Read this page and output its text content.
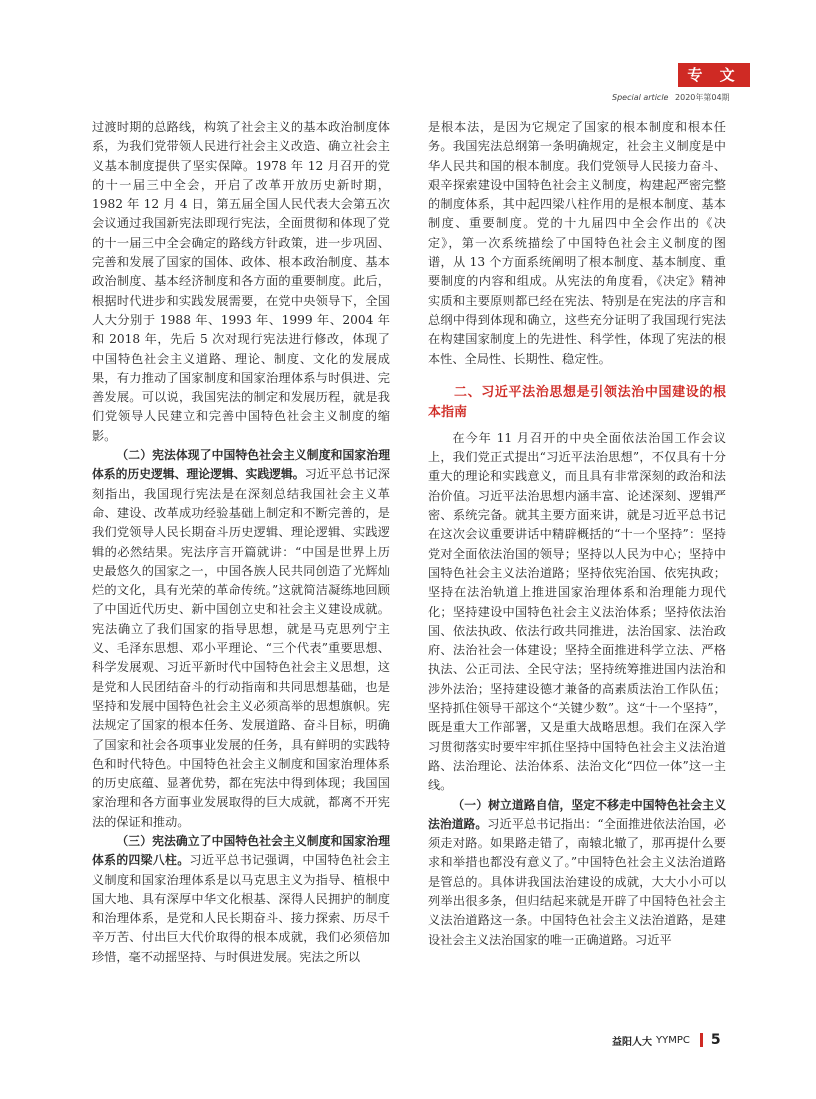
专 文
Special article 2020年第04期

过渡时期的总路线，构筑了社会主义的基本政治制度体系，为我们党带领人民进行社会主义改造、确立社会主义基本制度提供了坚实保障。1978 年 12 月召开的党的十一届三中全会，开启了改革开放历史新时期，1982 年 12 月 4 日，第五届全国人民代表大会第五次会议通过我国新宪法即现行宪法，全面贯彻和体现了党的十一届三中全会确定的路线方针政策，进一步巩固、完善和发展了国家的国体、政体、根本政治制度、基本政治制度、基本经济制度和各方面的重要制度。此后，根据时代进步和实践发展需要，在党中央领导下，全国人大分别于 1988 年、1993 年、1999 年、2004 年和 2018 年，先后 5 次对现行宪法进行修改，体现了中国特色社会主义道路、理论、制度、文化的发展成果，有力推动了国家制度和国家治理体系与时俱进、完善发展。可以说，我国宪法的制定和发展历程，就是我们党领导人民建立和完善中国特色社会主义制度的缩影。

（二）宪法体现了中国特色社会主义制度和国家治理体系的历史逻辑、理论逻辑、实践逻辑。习近平总书记深刻指出，我国现行宪法是在深刻总结我国社会主义革命、建设、改革成功经验基础上制定和不断完善的，是我们党领导人民长期奋斗历史逻辑、理论逻辑、实践逻辑的必然结果。宪法序言开篇就讲：“中国是世界上历史最悠久的国家之一，中国各族人民共同创造了光辉灿烂的文化，具有光荣的革命传统。”这就简洁凝练地回顾了中国近代历史、新中国创立史和社会主义建设成就。宪法确立了我们国家的指导思想，就是马克思列宁主义、毛泽东思想、邓小平理论、“三个代表”重要思想、科学发展观、习近平新时代中国特色社会主义思想，这是党和人民团结奋斗的行动指南和共同思想基础，也是坚持和发展中国特色社会主义必须高举的思想旗帜。宪法规定了国家的根本任务、发展道路、奋斗目标，明确了国家和社会各项事业发展的任务，具有鲜明的实践特色和时代特色。中国特色社会主义制度和国家治理体系的历史底蕴、显著优势，都在宪法中得到体现；我国国家治理和各方面事业发展取得的巨大成就，都离不开宪法的保证和推动。

（三）宪法确立了中国特色社会主义制度和国家治理体系的四梁八柱。习近平总书记强调，中国特色社会主义制度和国家治理体系是以马克思主义为指导、植根中国大地、具有深厚中华文化根基、深得人民拥护的制度和治理体系，是党和人民长期奋斗、接力探索、历尽千辛万苦、付出巨大代价取得的根本成就，我们必须倍加珍惜，毫不动摇坚持、与时俱进发展。宪法之所以

是根本法，是因为它规定了国家的根本制度和根本任务。我国宪法总纲第一条明确规定，社会主义制度是中华人民共和国的根本制度。我们党领导人民接力奋斗、艰辛探索建设中国特色社会主义制度，构建起严密完整的制度体系，其中起四梁八柱作用的是根本制度、基本制度、重要制度。党的十九届四中全会作出的《决定》，第一次系统描绘了中国特色社会主义制度的图谱，从 13 个方面系统阐明了根本制度、基本制度、重要制度的内容和组成。从宪法的角度看，《决定》精神实质和主要原则都已经在宪法、特别是在宪法的序言和总纲中得到体现和确立，这些充分证明了我国现行宪法在构建国家制度上的先进性、科学性，体现了宪法的根本性、全局性、长期性、稳定性。

二、习近平法治思想是引领法治中国建设的根本指南

在今年 11 月召开的中央全面依法治国工作会议上，我们党正式提出“习近平法治思想”，不仅具有十分重大的理论和实践意义，而且具有非常深刻的政治和法治价值。习近平法治思想内涵丰富、论述深刻、逻辑严密、系统完备。就其主要方面来讲，就是习近平总书记在这次会议重要讲话中精辟概括的“十一个坚持”：坚持党对全面依法治国的领导；坚持以人民为中心；坚持中国特色社会主义法治道路；坚持依宪治国、依宪执政；坚持在法治轨道上推进国家治理体系和治理能力现代化；坚持建设中国特色社会主义法治体系；坚持依法治国、依法执政、依法行政共同推进，法治国家、法治政府、法治社会一体建设；坚持全面推进科学立法、严格执法、公正司法、全民守法；坚持统筹推进国内法治和涉外法治；坚持建设德才兼备的高素质法治工作队伍；坚持抓住领导干部这个“关键少数”。这“十一个坚持”，既是重大工作部署，又是重大战略思想。我们在深入学习贯彻落实时要牢牢抓住坚持中国特色社会主义法治道路、法治理论、法治体系、法治文化“四位一体”这一主线。

（一）树立道路自信，坚定不移走中国特色社会主义法治道路。习近平总书记指出：“全面推进依法治国，必须走对路。如果路走错了，南辕北辙了，那再提什么要求和举措也都没有意义了。”中国特色社会主义法治道路是管总的。具体讲我国法治建设的成就，大大小小可以列举出很多条，但归结起来就是开辟了中国特色社会主义法治道路这一条。中国特色社会主义法治道路，是建设社会主义法治国家的唯一正确道路。习近平

益阳人大 YYMPC 5
